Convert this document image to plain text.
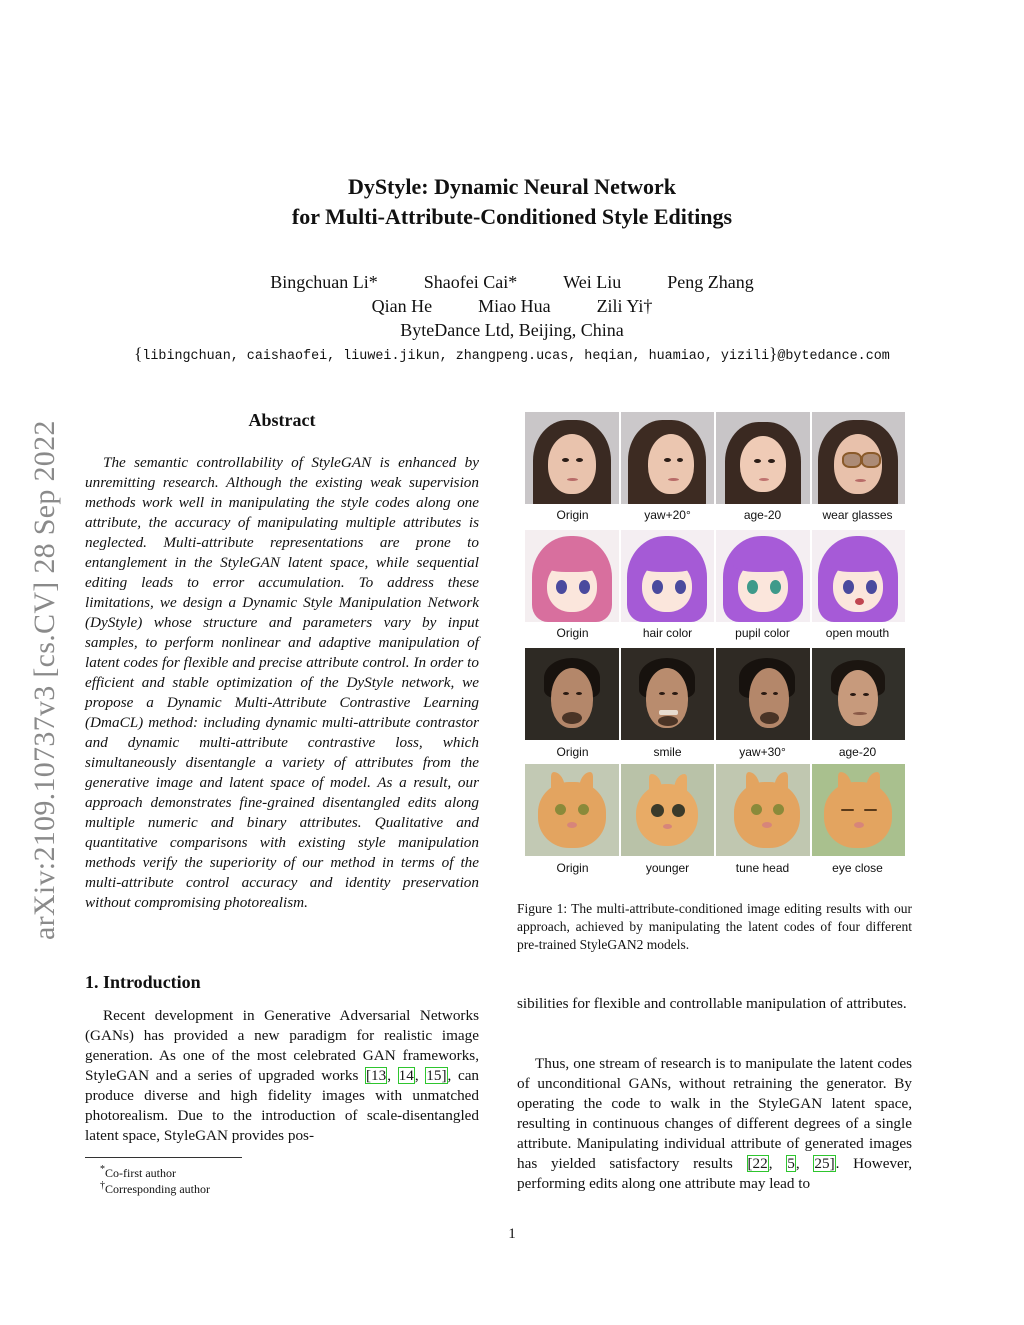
arXiv:2109.10737v3 [cs.CV] 28 Sep 2022
DyStyle: Dynamic Neural Network
for Multi-Attribute-Conditioned Style Editings
Bingchuan Li*	Shaofei Cai*	Wei Liu	Peng Zhang
Qian He	Miao Hua	Zili Yi†
ByteDance Ltd, Beijing, China
{libingchuan, caishaofei, liuwei.jikun, zhangpeng.ucas, heqian, huamiao, yizili}@bytedance.com
Abstract

The semantic controllability of StyleGAN is enhanced by unremitting research. Although the existing weak supervision methods work well in manipulating the style codes along one attribute, the accuracy of manipulating multiple attributes is neglected. Multi-attribute representations are prone to entanglement in the StyleGAN latent space, while sequential editing leads to error accumulation. To address these limitations, we design a Dynamic Style Manipulation Network (DyStyle) whose structure and parameters vary by input samples, to perform nonlinear and adaptive manipulation of latent codes for flexible and precise attribute control. In order to efficient and stable optimization of the DyStyle network, we propose a Dynamic Multi-Attribute Contrastive Learning (DmaCL) method: including dynamic multi-attribute contrastor and dynamic multi-attribute contrastive loss, which simultaneously disentangle a variety of attributes from the generative image and latent space of model. As a result, our approach demonstrates fine-grained disentangled edits along multiple numeric and binary attributes. Qualitative and quantitative comparisons with existing style manipulation methods verify the superiority of our method in terms of the multi-attribute control accuracy and identity preservation without compromising photorealism.

1. Introduction

Recent development in Generative Adversarial Networks (GANs) has provided a new paradigm for realistic image generation. As one of the most celebrated GAN frameworks, StyleGAN and a series of upgraded works [13, 14, 15], can produce diverse and high fidelity images with unmatched photorealism. Due to the introduction of scale-disentangled latent space, StyleGAN provides pos-

*Co-first author
†Corresponding author
Origin	yaw+20°	age-20	wear glasses
Origin	hair color	pupil color	open mouth
Origin	smile	yaw+30°	age-20
Origin	younger	tune head	eye close
Figure 1: The multi-attribute-conditioned image editing results with our approach, achieved by manipulating the latent codes of four different pre-trained StyleGAN2 models.

sibilities for flexible and controllable manipulation of attributes.

Thus, one stream of research is to manipulate the latent codes of unconditional GANs, without retraining the generator. By operating the code to walk in the StyleGAN latent space, resulting in continuous changes of different degrees of a single attribute. Manipulating individual attribute of generated images has yielded satisfactory results [22, 5, 25]. However, performing edits along one attribute may lead to

1
